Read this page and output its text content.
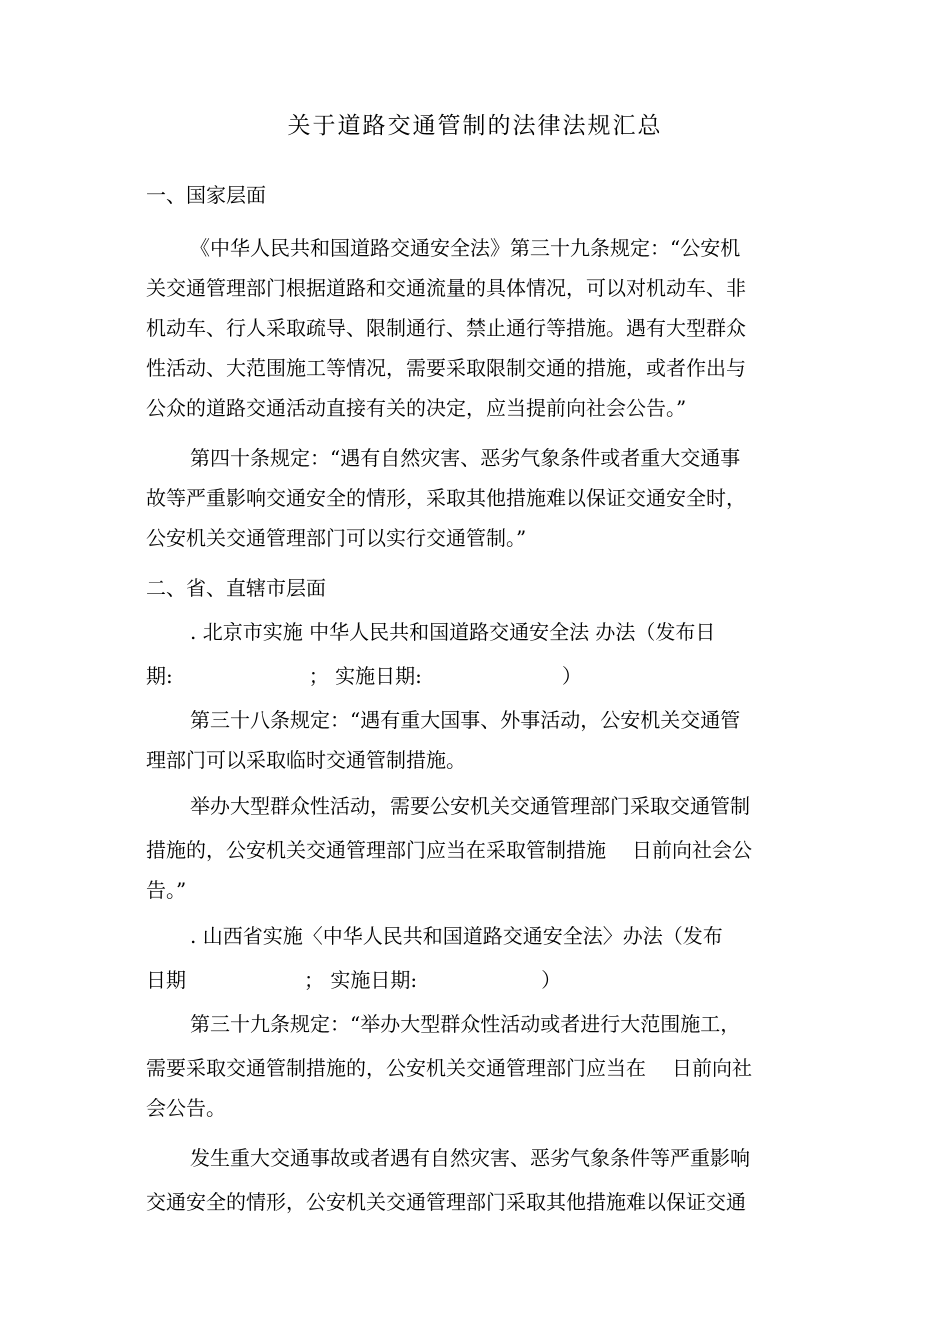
关于道路交通管制的法律法规汇总
一、国家层面
《中华人民共和国道路交通安全法》第三十九条规定：“公安机
关交通管理部门根据道路和交通流量的具体情况，可以对机动车、非
机动车、行人采取疏导、限制通行、禁止通行等措施。遇有大型群众
性活动、大范围施工等情况，需要采取限制交通的措施，或者作出与
公众的道路交通活动直接有关的决定，应当提前向社会公告。”
第四十条规定：“遇有自然灾害、恶劣气象条件或者重大交通事
故等严重影响交通安全的情形，采取其他措施难以保证交通安全时，
公安机关交通管理部门可以实行交通管制。”
二、省、直辖市层面
. 北京市实施 中华人民共和国道路交通安全法 办法（发布日
期:	； 实施日期:	）
第三十八条规定：“遇有重大国事、外事活动，公安机关交通管
理部门可以采取临时交通管制措施。
举办大型群众性活动，需要公安机关交通管理部门采取交通管制
措施的，公安机关交通管理部门应当在采取管制措施 日前向社会公
告。”
. 山西省实施〈中华人民共和国道路交通安全法〉办法（发布
日期	； 实施日期:	）
第三十九条规定：“举办大型群众性活动或者进行大范围施工，
需要采取交通管制措施的，公安机关交通管理部门应当在 日前向社
会公告。
发生重大交通事故或者遇有自然灾害、恶劣气象条件等严重影响
交通安全的情形，公安机关交通管理部门采取其他措施难以保证交通
